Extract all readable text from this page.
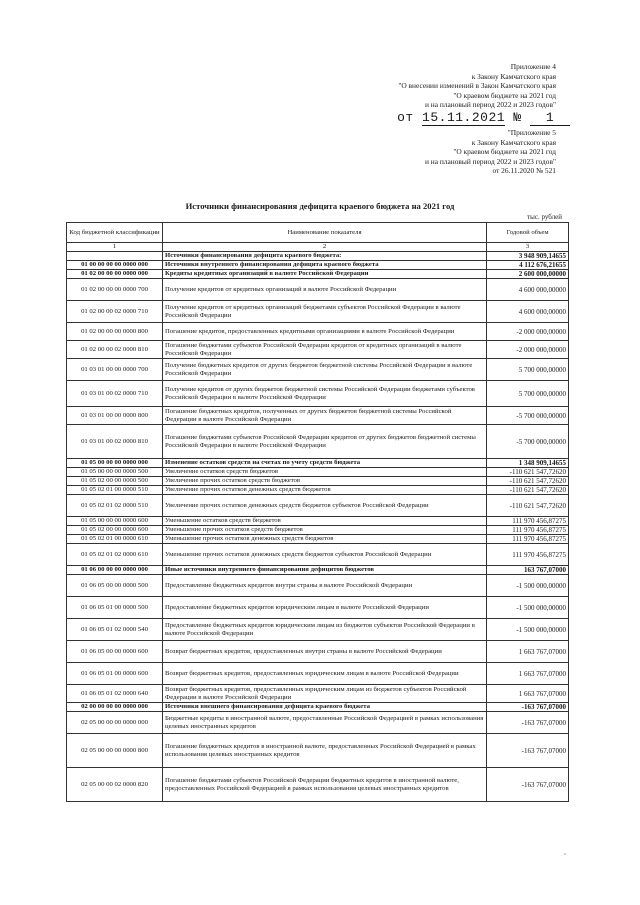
Приложение 4
к Закону Камчатского края
"О внесении изменений в Закон Камчатского края
"О краевом бюджете на 2021 год
и на плановый период 2022 и 2023 годов"
от 15.11.2021 № 1
"Приложение 5
к Закону Камчатского края
"О краевом бюджете на 2021 год
и на плановый период 2022 и 2023 годов"
от 26.11.2020 № 521
Источники финансирования дефицита краевого бюджета на 2021 год
тыс. рублей
Код бюджетной классификации	Наименование показателя	Годовой объем
1	2	3
	Источники финансирования дефицита краевого бюджета:	3 948 909,14655
01 00 00 00 00 0000 000	Источники внутреннего финансирования дефицита краевого бюджета	4 112 676,21655
01 02 00 00 00 0000 000	Кредиты кредитных организаций в валюте Российской Федерации	2 600 000,00000
01 02 00 00 00 0000 700	Получение кредитов от кредитных организаций в валюте Российской Федерации	4 600 000,00000
01 02 00 00 02 0000 710	Получение кредитов от кредитных организаций бюджетами субъектов Российской Федерации в валюте Российской Федерации	4 600 000,00000
01 02 00 00 00 0000 800	Погашение кредитов, предоставленных кредитными организациями в валюте Российской Федерации	-2 000 000,00000
01 02 00 00 02 0000 810	Погашение бюджетами субъектов Российской Федерации кредитов от кредитных организаций в валюте Российской Федерации	-2 000 000,00000
01 03 01 00 00 0000 700	Получение бюджетных кредитов от других бюджетов бюджетной системы Российской Федерации в валюте Российской Федерации	5 700 000,00000
01 03 01 00 02 0000 710	Получение кредитов от других бюджетов бюджетной системы Российской Федерации бюджетами субъектов Российской Федерации в валюте Российской Федерации	5 700 000,00000
01 03 01 00 00 0000 800	Погашение бюджетных кредитов, полученных от других бюджетов бюджетной системы Российской Федерации в валюте Российской Федерации	-5 700 000,00000
01 03 01 00 02 0000 810	Погашение бюджетами субъектов Российской Федерации кредитов от других бюджетов бюджетной системы Российской Федерации в валюте Российской Федерации	-5 700 000,00000
01 05 00 00 00 0000 000	Изменение остатков средств на счетах по учету средств бюджета	1 348 909,14655
01 05 00 00 00 0000 500	Увеличение остатков средств бюджетов	-110 621 547,72620
01 05 02 00 00 0000 500	Увеличение прочих остатков средств бюджетов	-110 621 547,72620
01 05 02 01 00 0000 510	Увеличение прочих остатков денежных средств бюджетов	-110 621 547,72620
01 05 02 01 02 0000 510	Увеличение прочих остатков денежных средств бюджетов субъектов Российской Федерации	-110 621 547,72620
01 05 00 00 00 0000 600	Уменьшение остатков средств бюджетов	111 970 456,87275
01 05 02 00 00 0000 600	Уменьшение прочих остатков средств бюджетов	111 970 456,87275
01 05 02 01 00 0000 610	Уменьшение прочих остатков денежных средств бюджетов	111 970 456,87275
01 05 02 01 02 0000 610	Уменьшение прочих остатков денежных средств бюджетов субъектов Российской Федерации	111 970 456,87275
01 06 00 00 00 0000 000	Иные источники внутреннего финансирования дефицитов бюджетов	163 767,07000
01 06 05 00 00 0000 500	Предоставление бюджетных кредитов внутри страны в валюте Российской Федерации	-1 500 000,00000
01 06 05 01 00 0000 500	Предоставление бюджетных кредитов юридическим лицам в валюте Российской Федерации	-1 500 000,00000
01 06 05 01 02 0000 540	Предоставление бюджетных кредитов юридическим лицам из бюджетов субъектов Российской Федерации в валюте Российской Федерации	-1 500 000,00000
01 06 05 00 00 0000 600	Возврат бюджетных кредитов, предоставленных внутри страны в валюте Российской Федерации	1 663 767,07000
01 06 05 01 00 0000 600	Возврат бюджетных кредитов, предоставленных юридическим лицам в валюте Российской Федерации	1 663 767,07000
01 06 05 01 02 0000 640	Возврат бюджетных кредитов, предоставленных юридическим лицам из бюджетов субъектов Российской Федерации в валюте Российской Федерации	1 663 767,07000
02 00 00 00 00 0000 000	Источники внешнего финансирования дефицита краевого бюджета	-163 767,07000
02 05 00 00 00 0000 000	Бюджетные кредиты в иностранной валюте, предоставленные Российской Федерацией в рамках использования целевых иностранных кредитов	-163 767,07000
02 05 00 00 00 0000 800	Погашение бюджетных кредитов в иностранной валюте, предоставленных Российской Федерацией в рамках использования целевых иностранных кредитов	-163 767,07000
02 05 00 00 02 0000 820	Погашение бюджетами субъектов Российской Федерации бюджетных кредитов в иностранной валюте, предоставленных Российской Федерацией в рамках использования целевых иностранных кредитов	-163 767,07000
"
